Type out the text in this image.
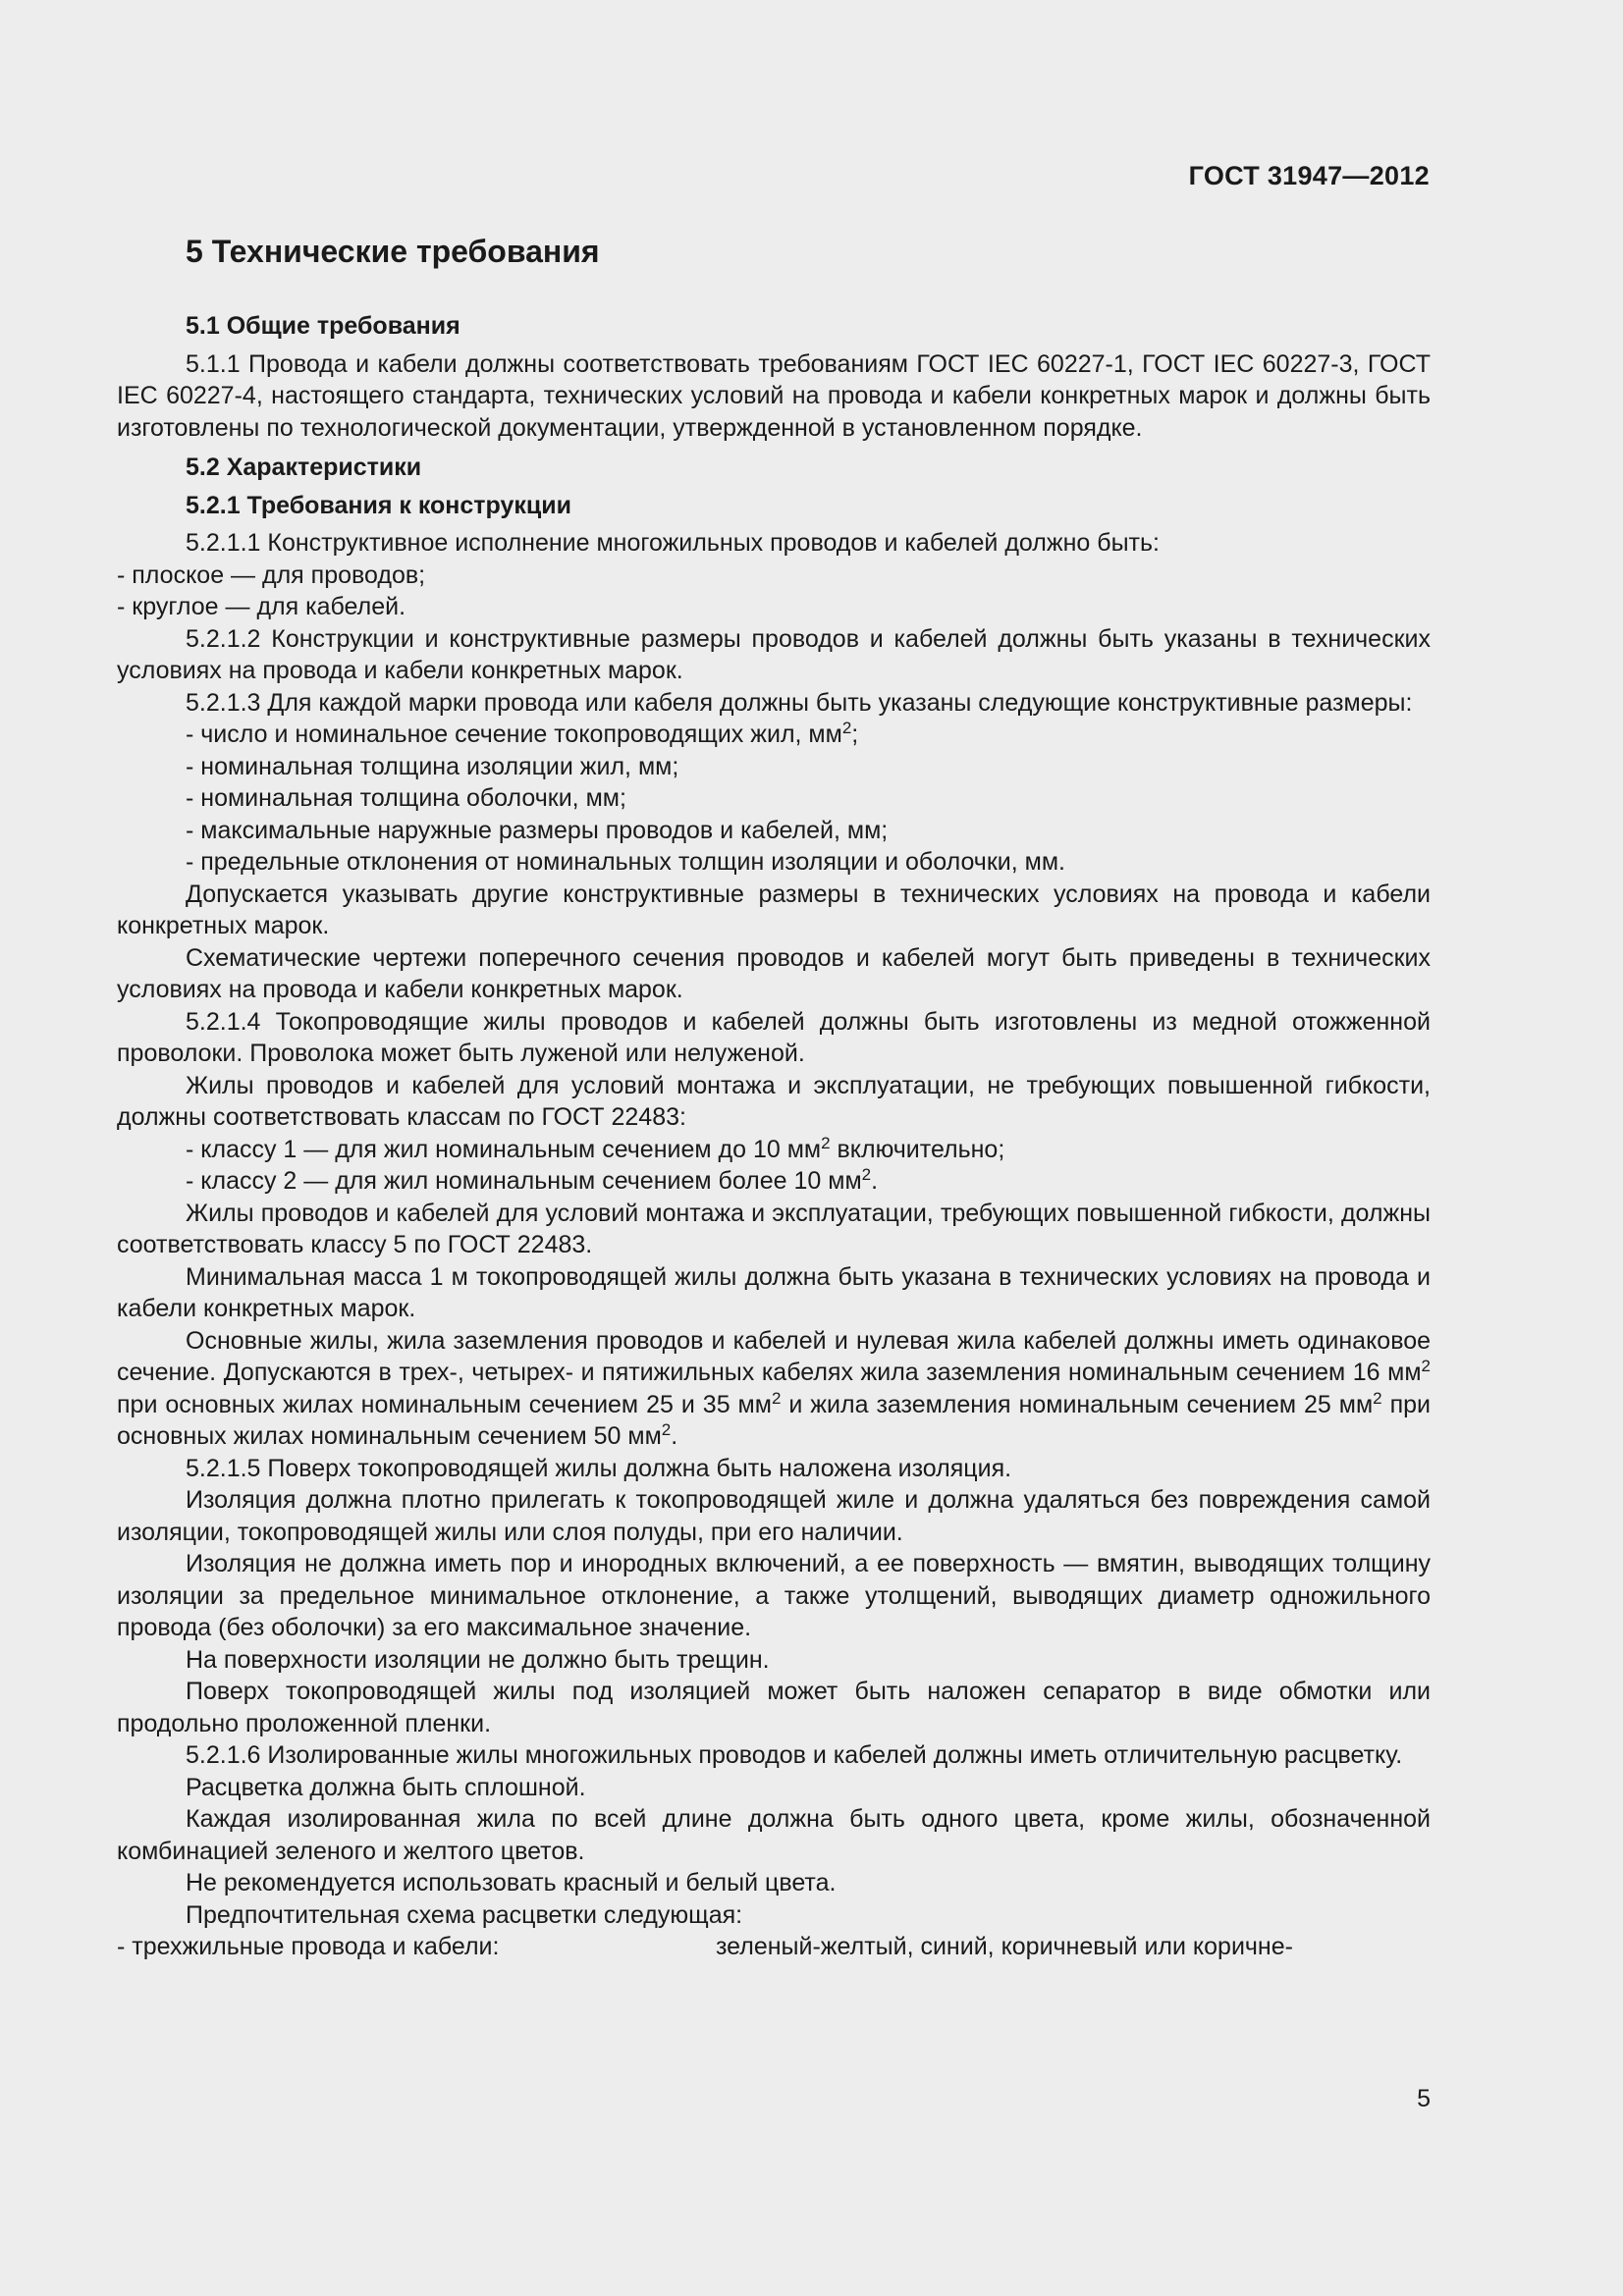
ГОСТ 31947—2012
5 Технические требования
5.1 Общие требования

5.1.1 Провода и кабели должны соответствовать требованиям ГОСТ IEC 60227-1, ГОСТ IEC 60227-3, ГОСТ IEC 60227-4, настоящего стандарта, технических условий на провода и кабели конкретных марок и должны быть изготовлены по технологической документации, утвержденной в установленном порядке.

5.2 Характеристики
5.2.1 Требования к конструкции

5.2.1.1 Конструктивное исполнение многожильных проводов и кабелей должно быть:

- плоское — для проводов;

- круглое — для кабелей.

5.2.1.2 Конструкции и конструктивные размеры проводов и кабелей должны быть указаны в технических условиях на провода и кабели конкретных марок.

5.2.1.3 Для каждой марки провода или кабеля должны быть указаны следующие конструктивные размеры:

- число и номинальное сечение токопроводящих жил, $мм^2$;

- номинальная толщина изоляции жил, мм;

- номинальная толщина оболочки, мм;

- максимальные наружные размеры проводов и кабелей, мм;

- предельные отклонения от номинальных толщин изоляции и оболочки, мм.

Допускается указывать другие конструктивные размеры в технических условиях на провода и кабели конкретных марок.

Схематические чертежи поперечного сечения проводов и кабелей могут быть приведены в технических условиях на провода и кабели конкретных марок.

5.2.1.4 Токопроводящие жилы проводов и кабелей должны быть изготовлены из медной отожженной проволоки. Проволока может быть луженой или нелуженой.

Жилы проводов и кабелей для условий монтажа и эксплуатации, не требующих повышенной гибкости, должны соответствовать классам по ГОСТ 22483:

- классу 1 — для жил номинальным сечением до 10 $мм^2$ включительно;

- классу 2 — для жил номинальным сечением более 10 $мм^2$.

Жилы проводов и кабелей для условий монтажа и эксплуатации, требующих повышенной гибкости, должны соответствовать классу 5 по ГОСТ 22483.

Минимальная масса 1 м токопроводящей жилы должна быть указана в технических условиях на провода и кабели конкретных марок.

Основные жилы, жила заземления проводов и кабелей и нулевая жила кабелей должны иметь одинаковое сечение. Допускаются в трех-, четырех- и пятижильных кабелях жила заземления номинальным сечением 16 $мм^2$ при основных жилах номинальным сечением 25 и 35 $мм^2$ и жила заземления номинальным сечением 25 $мм^2$ при основных жилах номинальным сечением 50 $мм^2$.

5.2.1.5 Поверх токопроводящей жилы должна быть наложена изоляция.

Изоляция должна плотно прилегать к токопроводящей жиле и должна удаляться без повреждения самой изоляции, токопроводящей жилы или слоя полуды, при его наличии.

Изоляция не должна иметь пор и инородных включений, а ее поверхность — вмятин, выводящих толщину изоляции за предельное минимальное отклонение, а также утолщений, выводящих диаметр одножильного провода (без оболочки) за его максимальное значение.

На поверхности изоляции не должно быть трещин.

Поверх токопроводящей жилы под изоляцией может быть наложен сепаратор в виде обмотки или продольно проложенной пленки.

5.2.1.6 Изолированные жилы многожильных проводов и кабелей должны иметь отличительную расцветку.

Расцветка должна быть сплошной.

Каждая изолированная жила по всей длине должна быть одного цвета, кроме жилы, обозначенной комбинацией зеленого и желтого цветов.

Не рекомендуется использовать красный и белый цвета.

Предпочтительная схема расцветки следующая:

- трехжильные провода и кабели:	зеленый-желтый, синий, коричневый или коричне-

5
